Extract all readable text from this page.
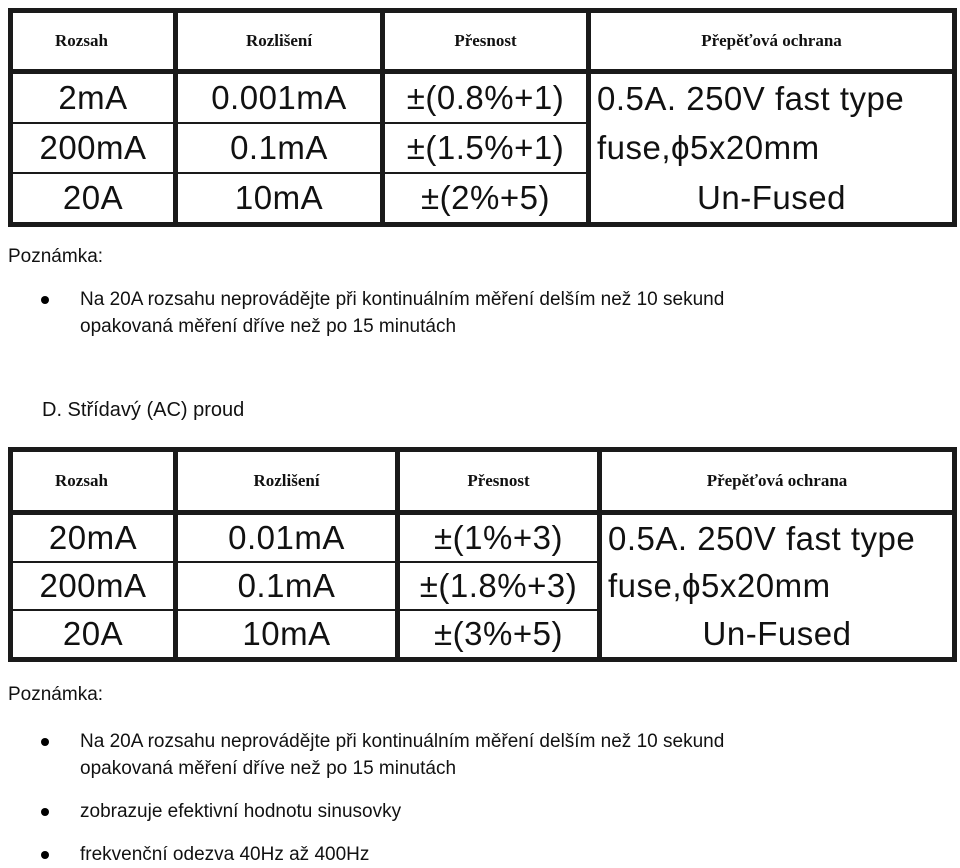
Rozsah	Rozlišení	Přesnost	Přepěťová ochrana
2mA	0.001mA	±(0.8%+1)	0.5A. 250V fast type
200mA	0.1mA	±(1.5%+1)	fuse,ϕ5x20mm
20A	10mA	±(2%+5)	Un-Fused
Poznámka:
Na 20A rozsahu neprovádějte při kontinuálním měření delším než 10 sekund
opakovaná měření dříve než po 15 minutách
D. Střídavý (AC) proud
Rozsah	Rozlišení	Přesnost	Přepěťová ochrana
20mA	0.01mA	±(1%+3)	0.5A. 250V fast type
200mA	0.1mA	±(1.8%+3)	fuse,ϕ5x20mm
20A	10mA	±(3%+5)	Un-Fused
Poznámka:
Na 20A rozsahu neprovádějte při kontinuálním měření delším než 10 sekund
opakovaná měření dříve než po 15 minutách
zobrazuje efektivní hodnotu sinusovky
frekvenční odezva 40Hz až 400Hz
